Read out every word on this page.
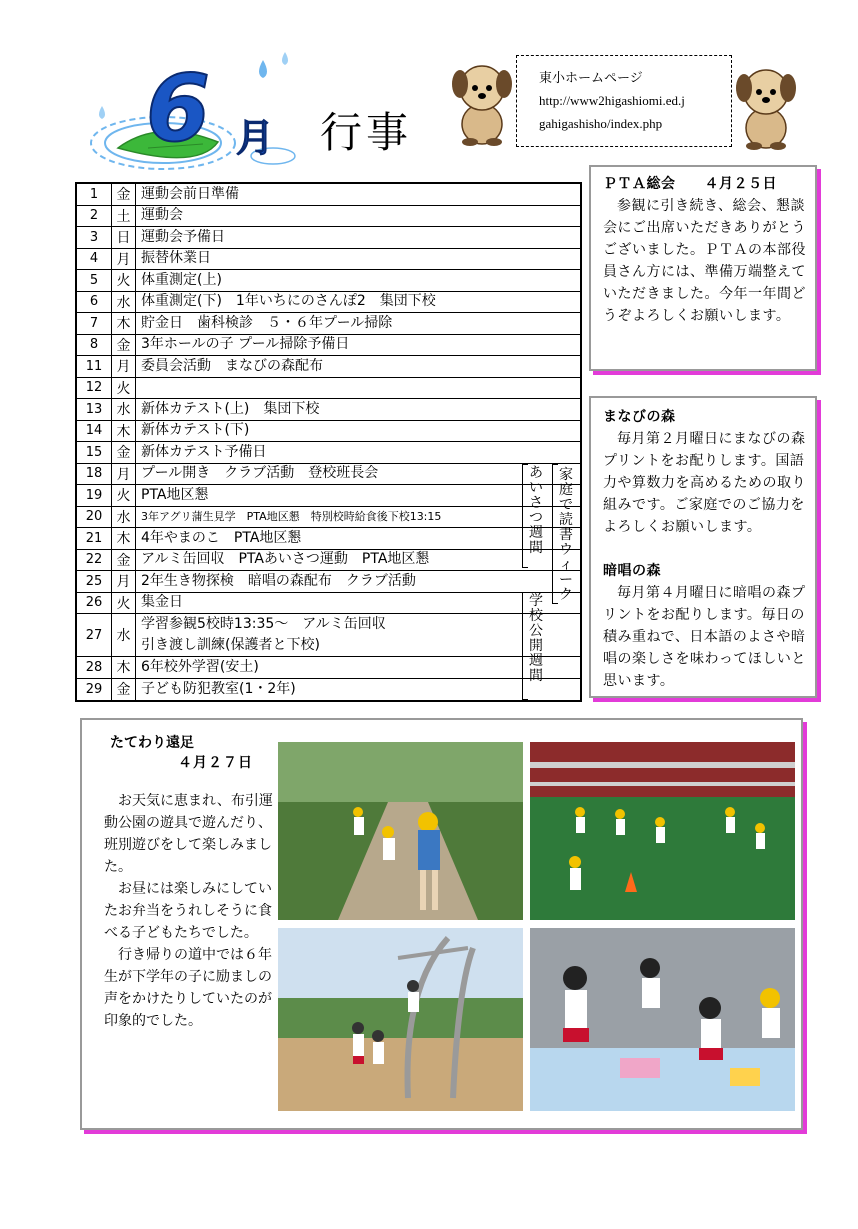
6 月 行事
東小ホームページ
http://www2higashiomi.ed.j
gahigashisho/index.php
1	金 運動会前日準備
2	土 運動会
3	日 運動会予備日
4	月 振替休業日
5	火 体重測定(上)
6	水 体重測定(下)　1年いちにのさんぽ2　集団下校
7	木 貯金日　歯科検診　５・６年プール掃除
8	金 3年ホールの子 プール掃除予備日
11	月 委員会活動　まなびの森配布
12	火
13	水 新体カテスト(上)　集団下校
14	木 新体カテスト(下)
15	金 新体カテスト予備日
18	月 プール開き　クラブ活動　登校班長会
19	火 PTA地区懇
20	水 3年アグリ蒲生見学　PTA地区懇　特別校時給食後下校13:15
21	木 4年やまのこ　PTA地区懇
22	金 アルミ缶回収　PTAあいさつ運動　PTA地区懇
25	月 2年生き物探検　暗唱の森配布　クラブ活動
26	火 集金日
27	水
学習参観5校時13:35～　アルミ缶回収
引き渡し訓練(保護者と下校)
28	木 6年校外学習(安土)
29	金 子ども防犯教室(1・2年)
あいさつ週間
家庭で読書ウィーク
学校公開週間
ＰＴＡ総会　　４月２５日

参観に引き続き、総会、懇談会にご出席いただきありがとうございました。ＰＴＡの本部役員さん方には、準備万端整えていただきました。今年一年間どうぞよろしくお願いします。

まなびの森

毎月第２月曜日にまなびの森プリントをお配りします。国語力や算数力を高めるための取り組みです。ご家庭でのご協力をよろしくお願いします。

暗唱の森

毎月第４月曜日に暗唱の森プリントをお配りします。毎日の積み重ねで、日本語のよさや暗唱の楽しさを味わってほしいと思います。

たてわり遠足
４月２７日

お天気に恵まれ、布引運動公園の遊具で遊んだり、班別遊びをして楽しみました。

お昼には楽しみにしていたお弁当をうれしそうに食べる子どもたちでした。

行き帰りの道中では６年生が下学年の子に励ましの声をかけたりしていたのが印象的でした。
